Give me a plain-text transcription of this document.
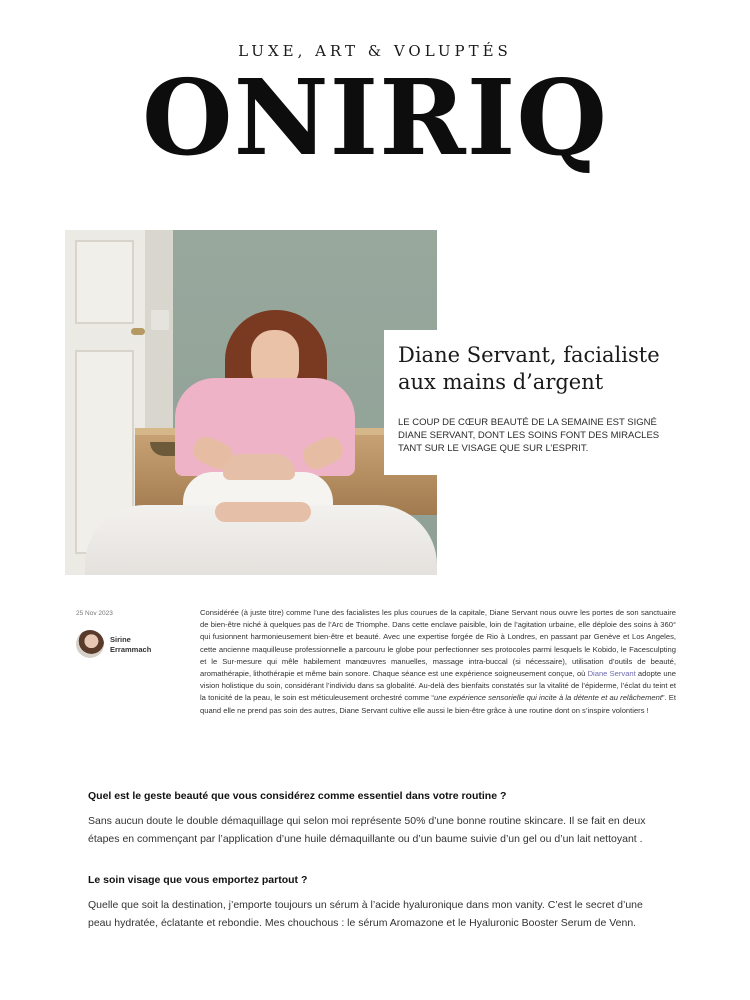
LUXE, ART & VOLUPTÉS
ONIRIQ
Diane Servant, facialiste aux mains d’argent

LE COUP DE CŒUR BEAUTÉ DE LA SEMAINE EST SIGNÉ DIANE SERVANT, DONT LES SOINS FONT DES MIRACLES TANT SUR LE VISAGE QUE SUR L’ESPRIT.

25 Nov 2023
Sirine
Errammach

Considérée (à juste titre) comme l’une des facialistes les plus courues de la capitale, Diane Servant nous ouvre les portes de son sanctuaire de bien-être niché à quelques pas de l’Arc de Triomphe. Dans cette enclave paisible, loin de l’agitation urbaine, elle déploie des soins à 360° qui fusionnent harmonieusement bien-être et beauté. Avec une expertise forgée de Rio à Londres, en passant par Genève et Los Angeles, cette ancienne maquilleuse professionnelle a parcouru le globe pour perfectionner ses protocoles parmi lesquels le Kobido, le Facesculpting et le Sur-mesure qui mêle habilement manœuvres manuelles, massage intra-buccal (si nécessaire), utilisation d’outils de beauté, aromathérapie, lithothérapie et même bain sonore. Chaque séance est une expérience soigneusement conçue, où Diane Servant adopte une vision holistique du soin, considérant l’individu dans sa globalité. Au-delà des bienfaits constatés sur la vitalité de l’épiderme, l’éclat du teint et la tonicité de la peau, le soin est méticuleusement orchestré comme “une expérience sensorielle qui incite à la détente et au relâchement”. Et quand elle ne prend pas soin des autres, Diane Servant cultive elle aussi le bien-être grâce à une routine dont on s’inspire volontiers !

Quel est le geste beauté que vous considérez comme essentiel dans votre routine ?

Sans aucun doute le double démaquillage qui selon moi représente 50% d’une bonne routine skincare. Il se fait en deux étapes en commençant par l’application d’une huile démaquillante ou d’un baume suivie d’un gel ou d’un lait nettoyant .

Le soin visage que vous emportez partout ?

Quelle que soit la destination, j’emporte toujours un sérum à l’acide hyaluronique dans mon vanity. C’est le secret d’une peau hydratée, éclatante et rebondie. Mes chouchous : le sérum Aromazone et le Hyaluronic Booster Serum de Venn.
